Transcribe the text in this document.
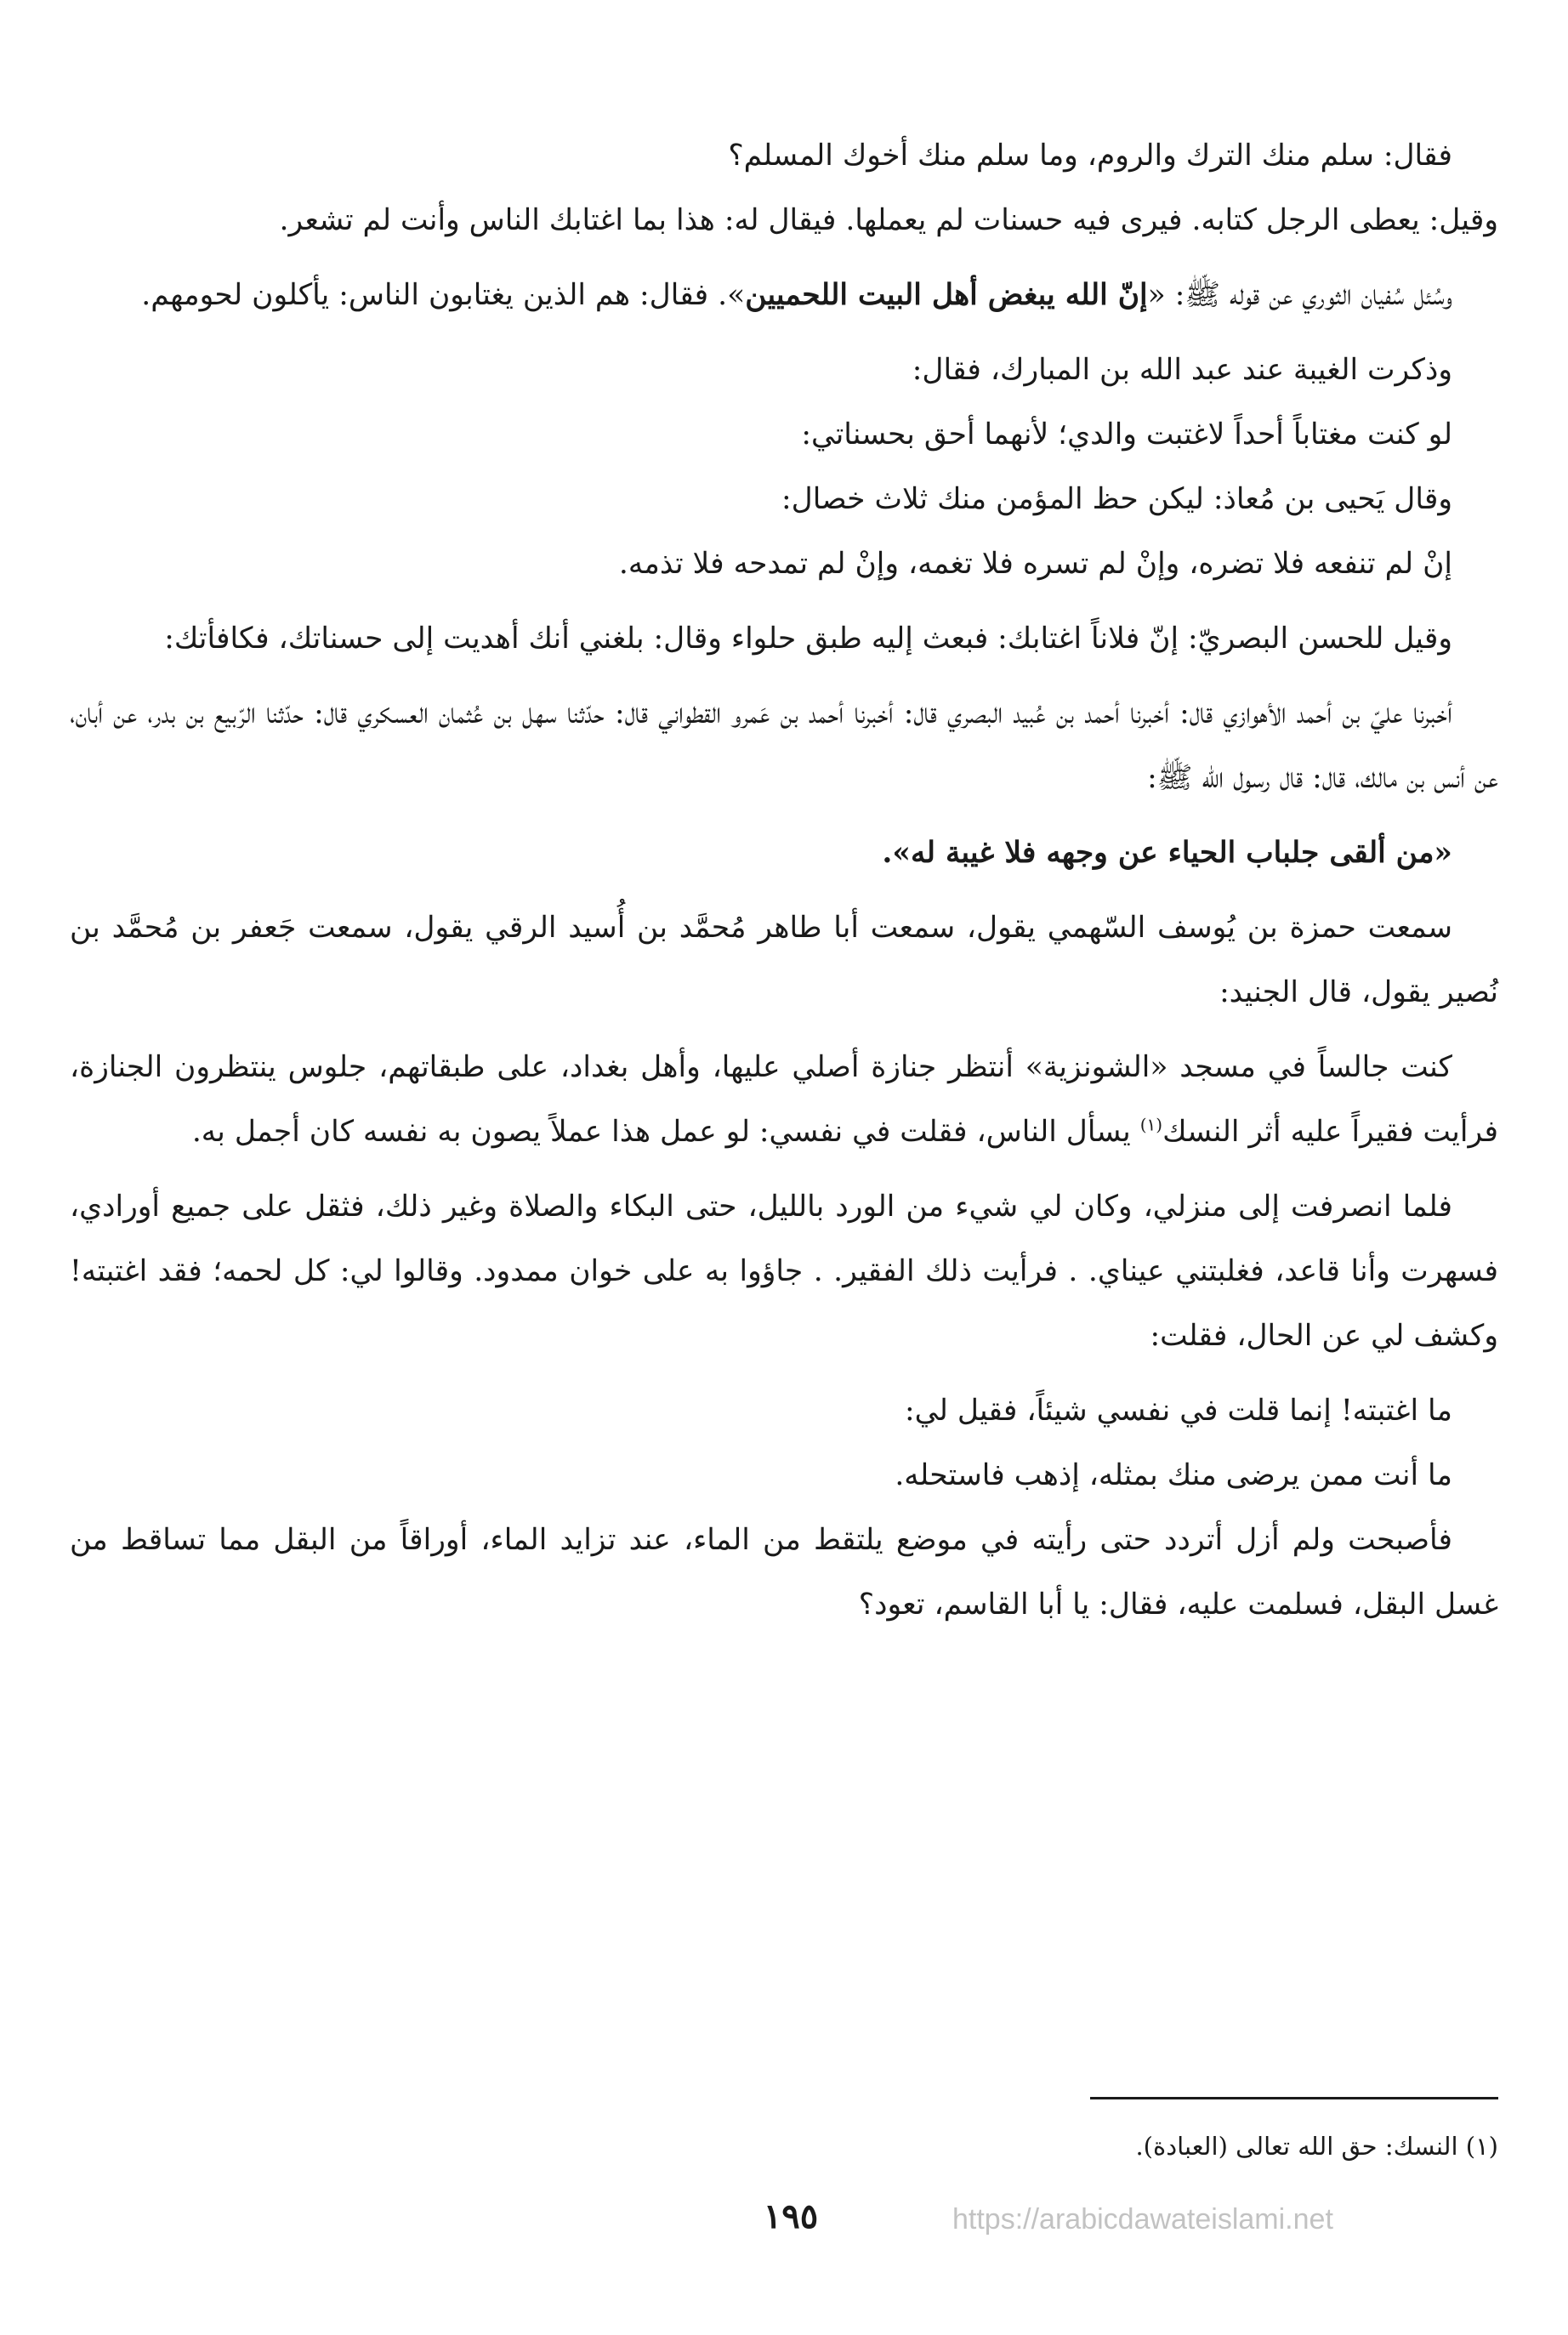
فقال: سلم منك الترك والروم، وما سلم منك أخوك المسلم؟

وقيل: يعطى الرجل كتابه. فيرى فيه حسنات لم يعملها. فيقال له: هذا بما اغتابك الناس وأنت لم تشعر.

وسُئل سُفيان الثوري عن قوله ﷺ: «إنّ الله يبغض أهل البيت اللحميين». فقال: هم الذين يغتابون الناس: يأكلون لحومهم.

وذكرت الغيبة عند عبد الله بن المبارك، فقال:

لو كنت مغتاباً أحداً لاغتبت والدي؛ لأنهما أحق بحسناتي:

وقال يَحيى بن مُعاذ: ليكن حظ المؤمن منك ثلاث خصال:

إنْ لم تنفعه فلا تضره، وإنْ لم تسره فلا تغمه، وإنْ لم تمدحه فلا تذمه.

وقيل للحسن البصريّ: إنّ فلاناً اغتابك: فبعث إليه طبق حلواء وقال: بلغني أنك أهديت إلى حسناتك، فكافأتك:

أخبرنا عليّ بن أحمد الأهوازي قال: أخبرنا أحمد بن عُبيد البصري قال: أخبرنا أحمد بن عَمرو القطواني قال: حدّثنا سهل بن عُثمان العسكري قال: حدّثنا الرّبيع بن بدر، عن أبان، عن أنس بن مالك، قال: قال رسول الله ﷺ:

«من ألقى جلباب الحياء عن وجهه فلا غيبة له».

سمعت حمزة بن يُوسف السّهمي يقول، سمعت أبا طاهر مُحمَّد بن أُسيد الرقي يقول، سمعت جَعفر بن مُحمَّد بن نُصير يقول، قال الجنيد:

كنت جالساً في مسجد «الشونزية» أنتظر جنازة أصلي عليها، وأهل بغداد، على طبقاتهم، جلوس ينتظرون الجنازة، فرأيت فقيراً عليه أثر النسك$^{(١)}$ يسأل الناس، فقلت في نفسي: لو عمل هذا عملاً يصون به نفسه كان أجمل به.

فلما انصرفت إلى منزلي، وكان لي شيء من الورد بالليل، حتى البكاء والصلاة وغير ذلك، فثقل على جميع أورادي، فسهرت وأنا قاعد، فغلبتني عيناي. . فرأيت ذلك الفقير. . جاؤوا به على خوان ممدود. وقالوا لي: كل لحمه؛ فقد اغتبته! وكشف لي عن الحال، فقلت:

ما اغتبته! إنما قلت في نفسي شيئاً، فقيل لي:

ما أنت ممن يرضى منك بمثله، إذهب فاستحله.

فأصبحت ولم أزل أتردد حتى رأيته في موضع يلتقط من الماء، عند تزايد الماء، أوراقاً من البقل مما تساقط من غسل البقل، فسلمت عليه، فقال: يا أبا القاسم، تعود؟

(١) النسك: حق الله تعالى (العبادة).
١٩٥	https://arabicdawateislami.net
